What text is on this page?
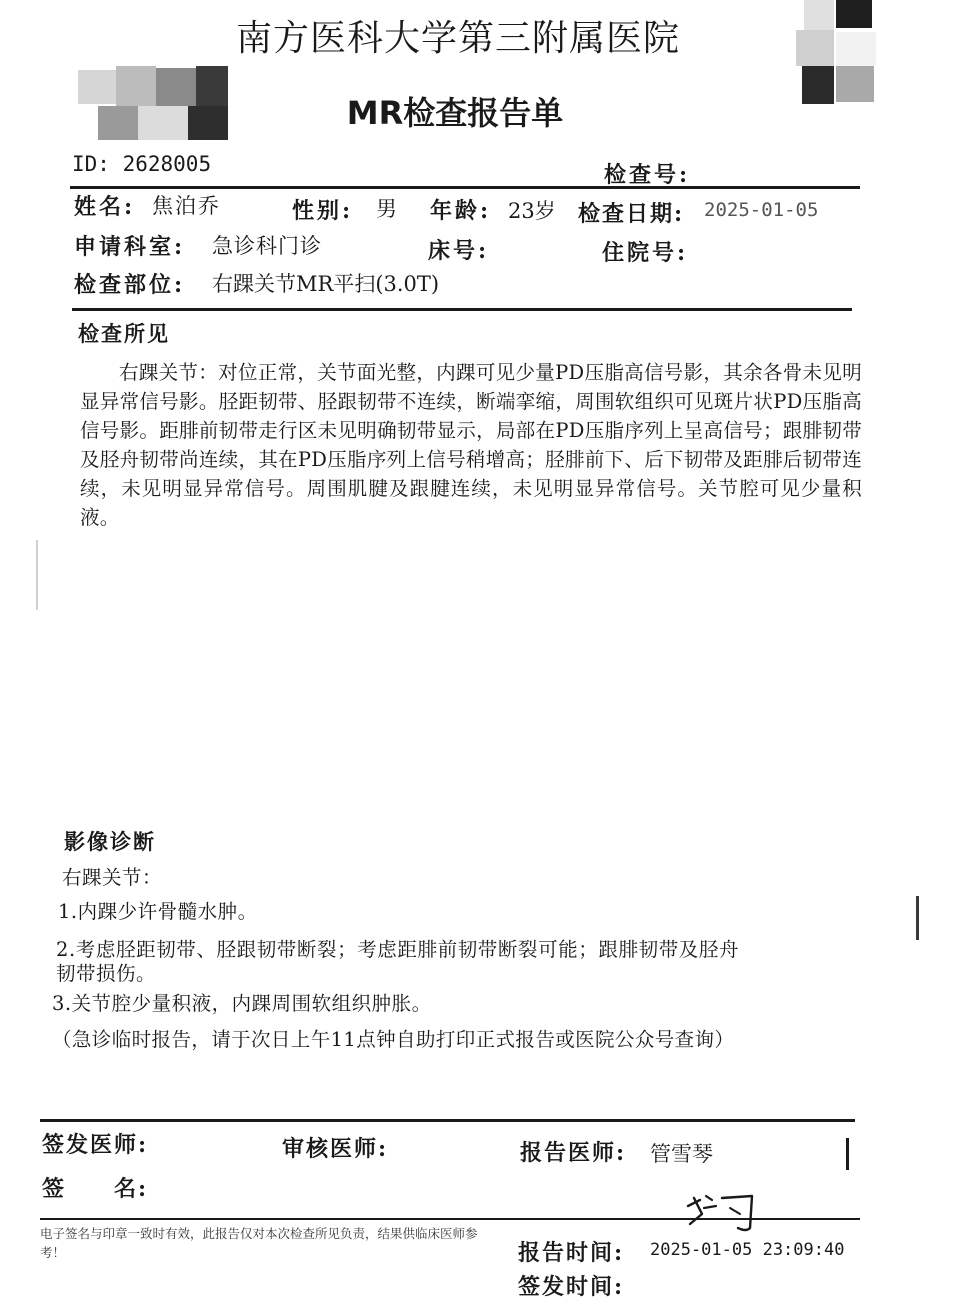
南方医科大学第三附属医院
MR检查报告单
ID: 2628005	检查号:
姓名: 焦泊乔	性别: 男 年龄: 23岁 检查日期: 2025-01-05
申请科室: 急诊科门诊	床号:	住院号:
检查部位: 右踝关节MR平扫(3.0T)
检查所见
右踝关节：对位正常，关节面光整，内踝可见少量PD压脂高信号影，其余各骨未见明显异常信号影。胫距韧带、胫跟韧带不连续，断端挛缩，周围软组织可见斑片状PD压脂高信号影。距腓前韧带走行区未见明确韧带显示，局部在PD压脂序列上呈高信号；跟腓韧带及胫舟韧带尚连续，其在PD压脂序列上信号稍增高；胫腓前下、后下韧带及距腓后韧带连续，未见明显异常信号。周围肌腱及跟腱连续，未见明显异常信号。关节腔可见少量积液。
影像诊断
右踝关节：
1.内踝少许骨髓水肿。
2.考虑胫距韧带、胫跟韧带断裂；考虑距腓前韧带断裂可能；跟腓韧带及胫舟
韧带损伤。
3.关节腔少量积液，内踝周围软组织肿胀。
（急诊临时报告，请于次日上午11点钟自助打印正式报告或医院公众号查询）
签发医师:	审核医师:	报告医师: 管雪琴
签　　名:
电子签名与印章一致时有效，此报告仅对本次检查所见负责，结果供临床医师参考！	报告时间: 2025-01-05 23:09:40
签发时间:
